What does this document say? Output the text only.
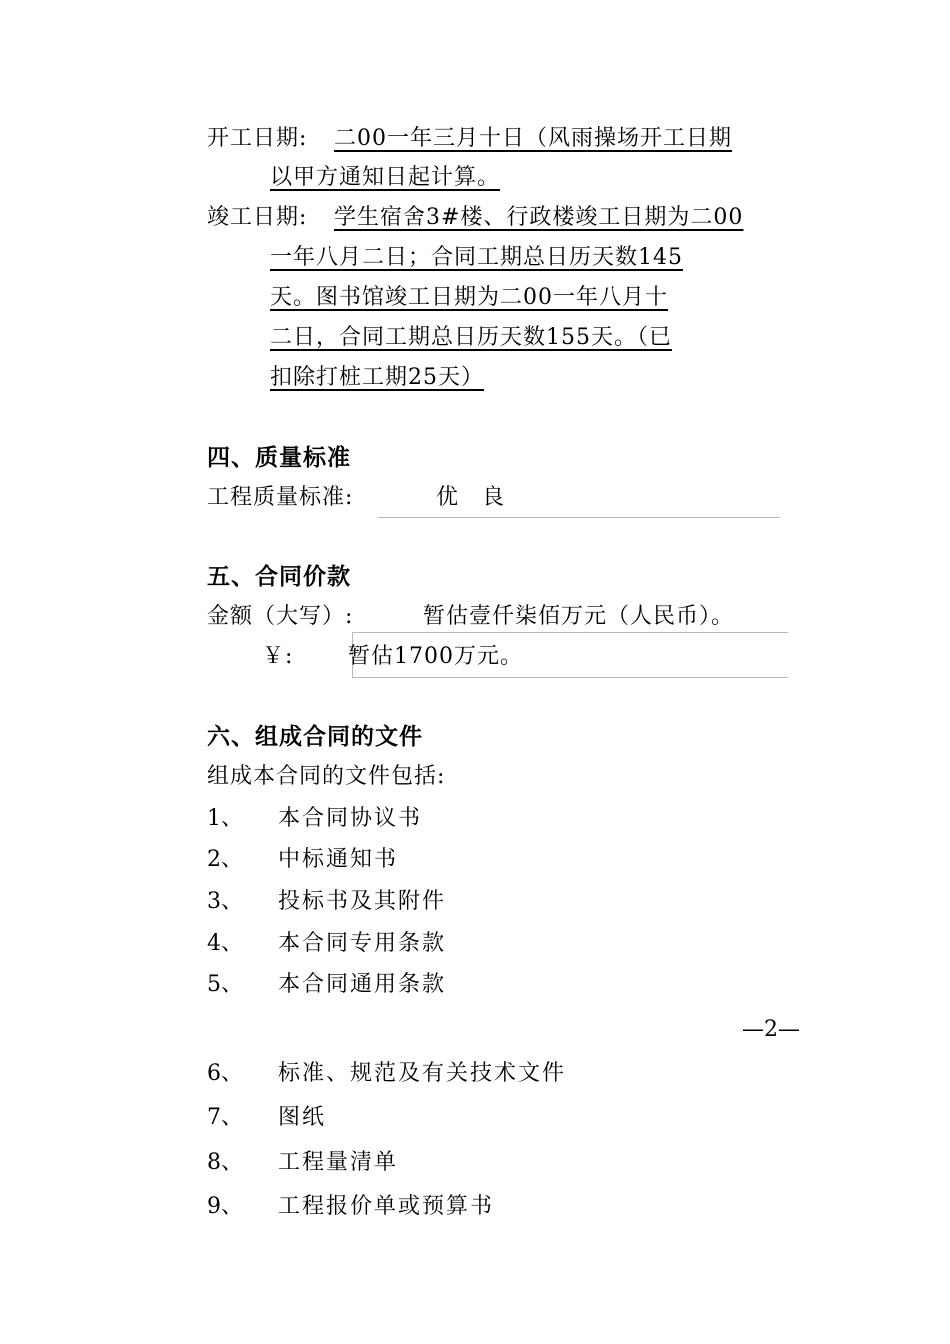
开工日期: 二00一年三月十日（风雨操场开工日期
以甲方通知日起计算。
竣工日期: 学生宿舍3#楼、行政楼竣工日期为二00
一年八月二日；合同工期总日历天数145
天。图书馆竣工日期为二00一年八月十
二日，合同工期总日历天数155天。（已
扣除打桩工期25天）
四、质量标准
工程质量标准:	优　良
五、合同价款
金额（大写）:	暂估壹仟柒佰万元（人民币）。
￥: 暂估1700万元。
六、组成合同的文件
组成本合同的文件包括:
1、 本合同协议书
2、 中标通知书
3、 投标书及其附件
4、 本合同专用条款
5、 本合同通用条款
—2—
6、 标准、规范及有关技术文件
7、 图纸
8、 工程量清单
9、 工程报价单或预算书
